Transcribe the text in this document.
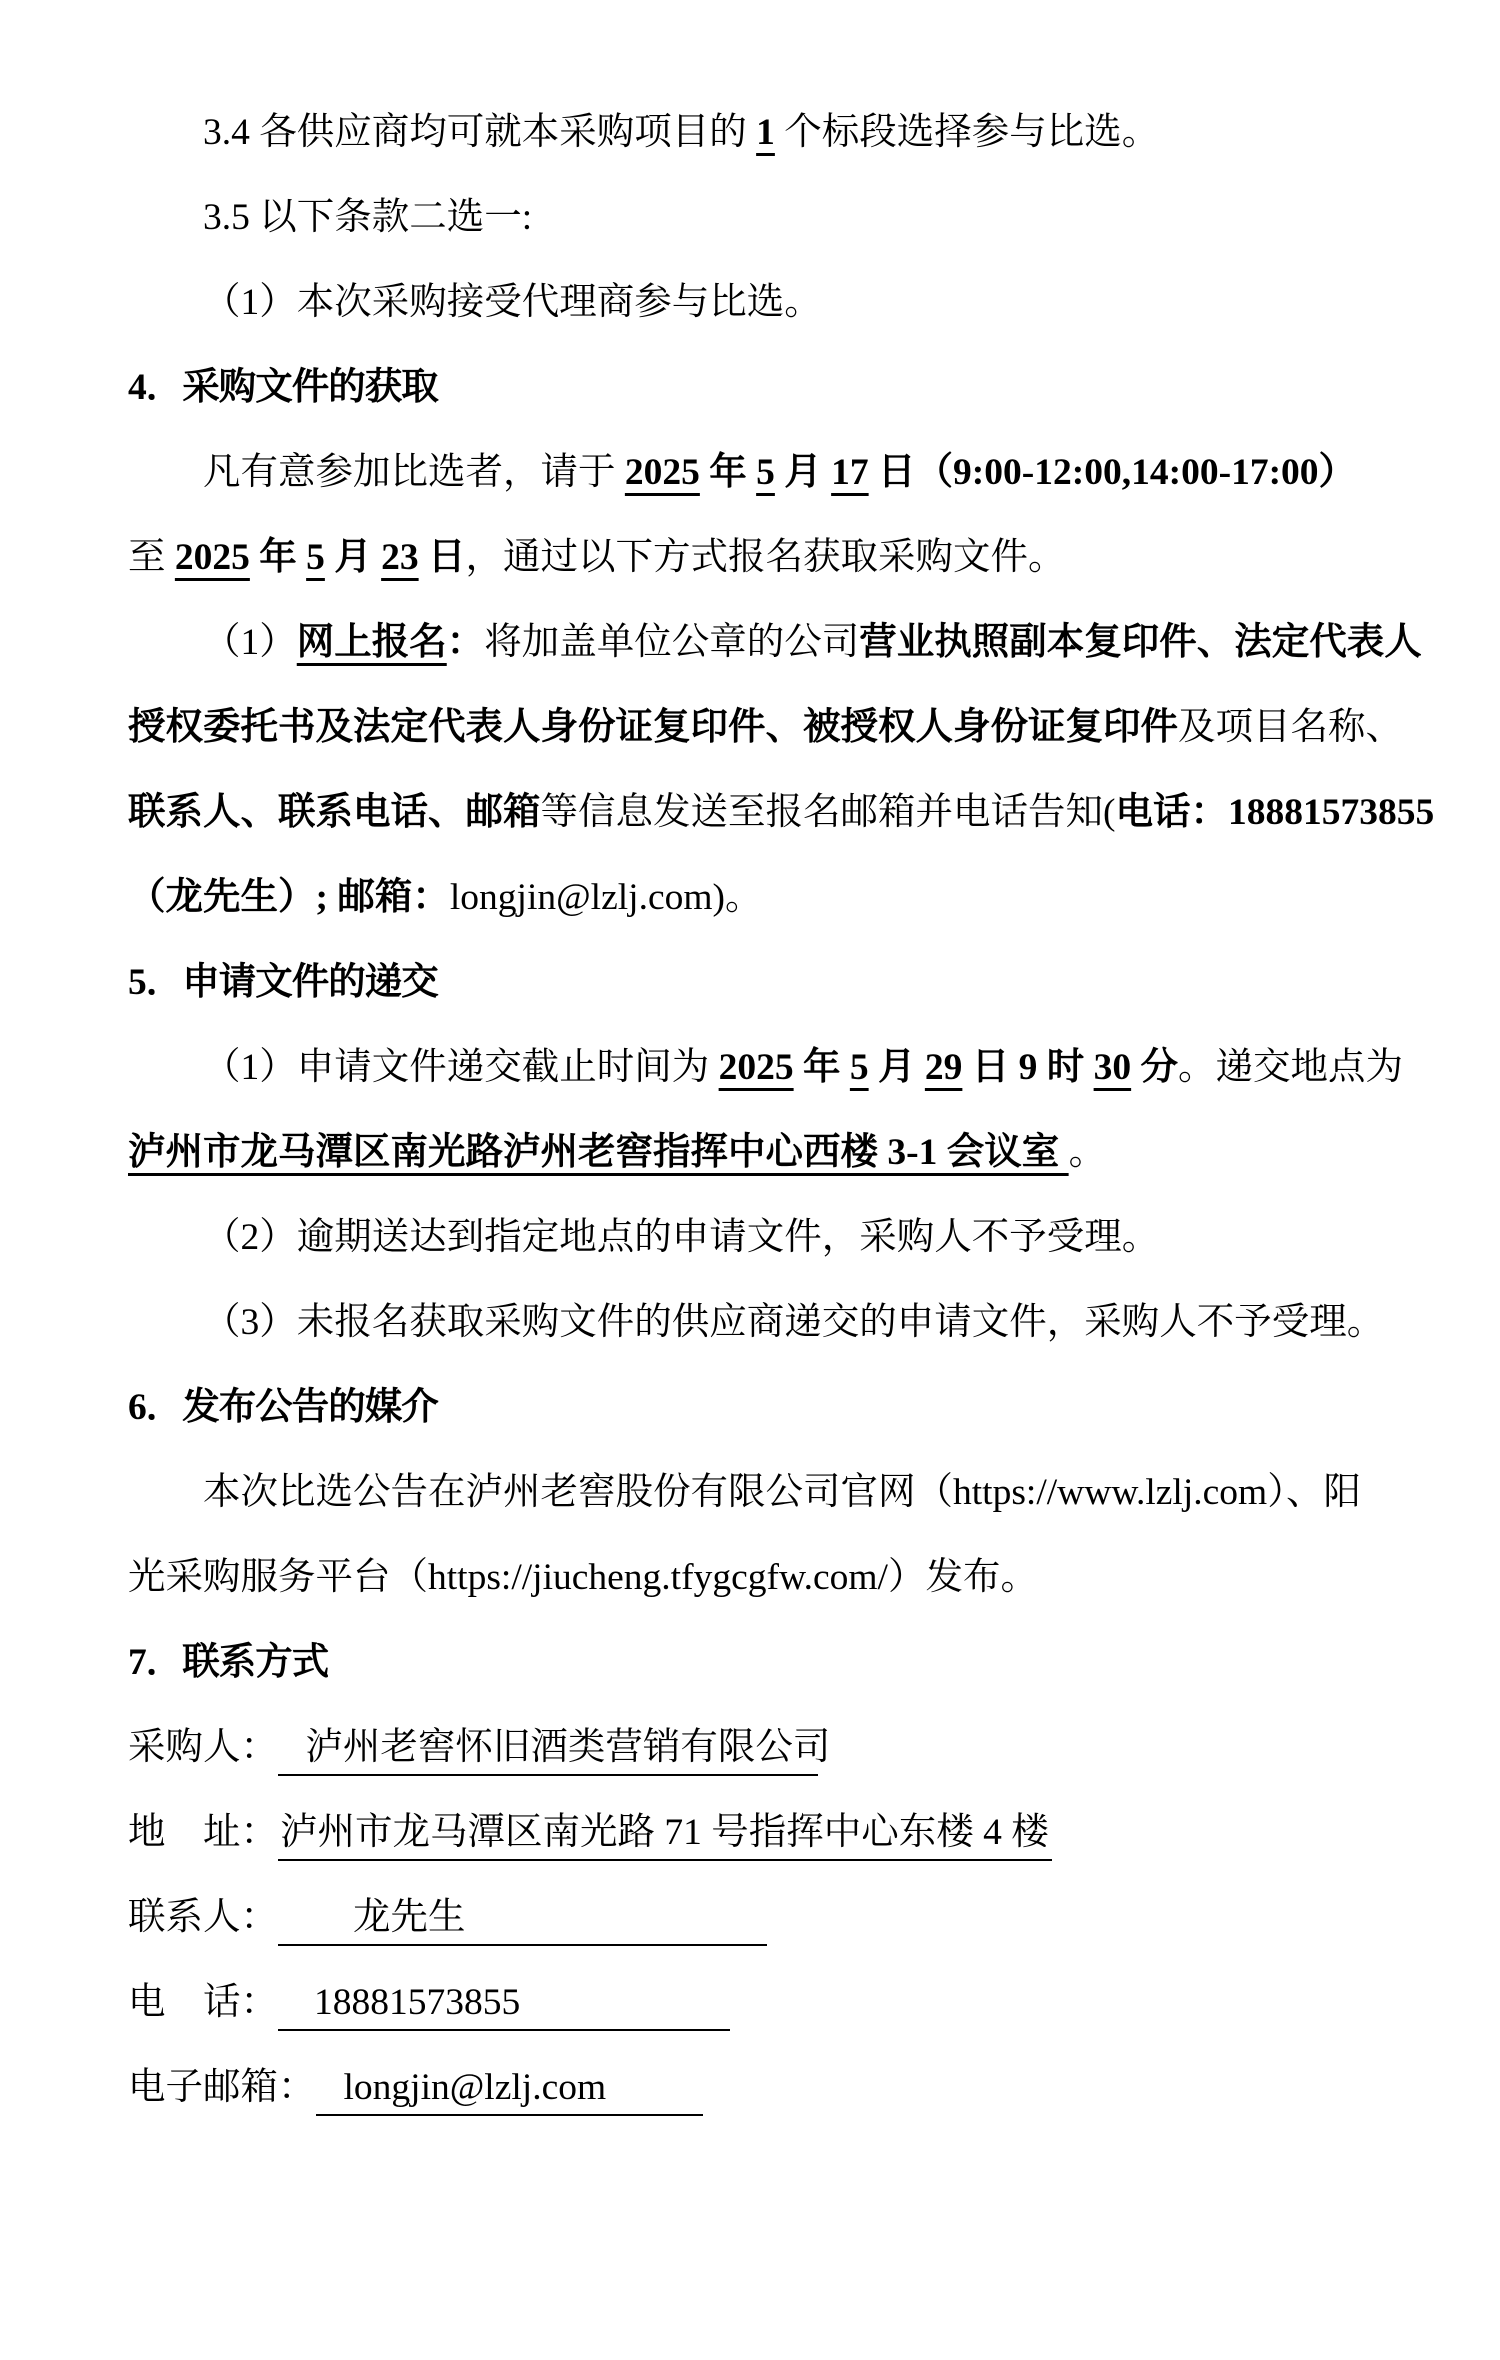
3.4 各供应商均可就本采购项目的 1 个标段选择参与比选。
3.5 以下条款二选一:
（1）本次采购接受代理商参与比选。
4．采购文件的获取
凡有意参加比选者，请于 2025 年 5 月 17 日（9:00-12:00,14:00-17:00）
至 2025 年 5 月 23 日，通过以下方式报名获取采购文件。
（1）网上报名：将加盖单位公章的公司营业执照副本复印件、法定代表人
授权委托书及法定代表人身份证复印件、被授权人身份证复印件及项目名称、
联系人、联系电话、邮箱等信息发送至报名邮箱并电话告知(电话：18881573855
（龙先生）; 邮箱：longjin@lzlj.com)。
5．申请文件的递交
（1）申请文件递交截止时间为 2025 年 5 月 29 日 9 时 30 分。递交地点为
泸州市龙马潭区南光路泸州老窖指挥中心西楼 3-1 会议室 。
（2）逾期送达到指定地点的申请文件，采购人不予受理。
（3）未报名获取采购文件的供应商递交的申请文件，采购人不予受理。
6．发布公告的媒介
本次比选公告在泸州老窖股份有限公司官网（https://www.lzlj.com）、阳
光采购服务平台（https://jiucheng.tfygcgfw.com/）发布。
7．联系方式
采购人： 泸州老窖怀旧酒类营销有限公司
地　址：泸州市龙马潭区南光路 71 号指挥中心东楼 4 楼
联系人： 龙先生
电　话： 18881573855
电子邮箱： longjin@lzlj.com
